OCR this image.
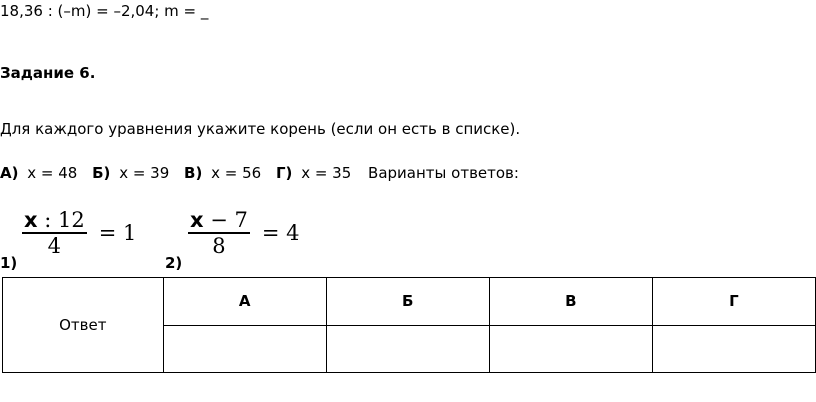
18,36 : (–m) = –2,04; m = _
Задание 6.
Для каждого уравнения укажите корень (если он есть в списке).
А) x = 48 Б) x = 39 В) x = 56 Г) x = 35 Варианты ответов:
$\frac{x : 12}{4} = 1$
1)
$\frac{x - 7}{8} = 4$
2)
Ответ	А	Б	В	Г
